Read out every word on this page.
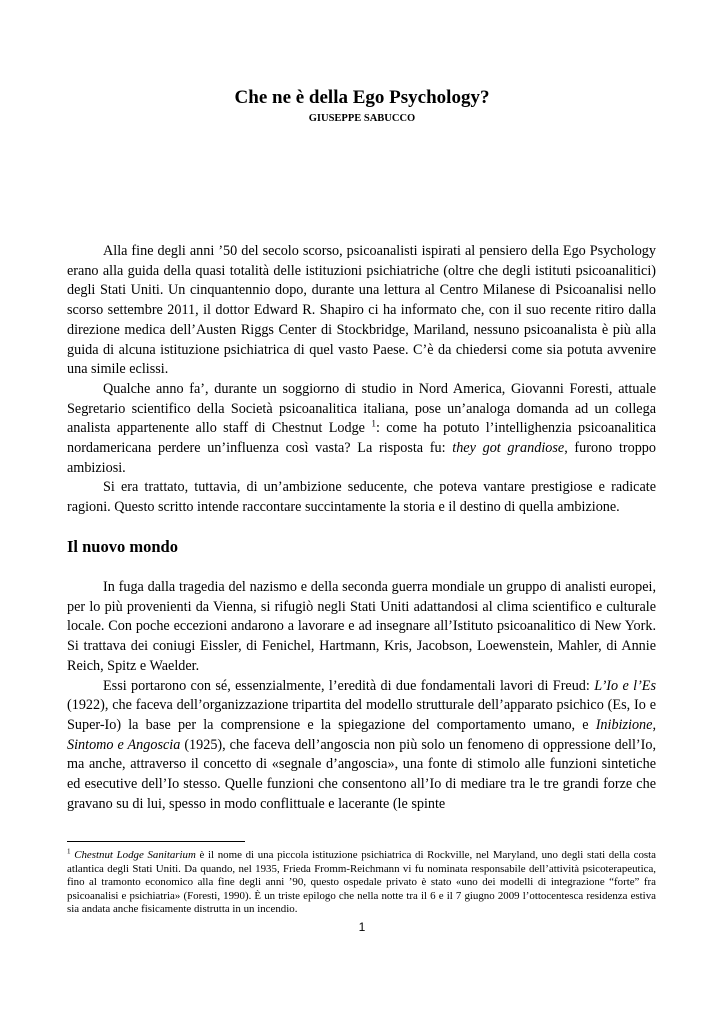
Che ne è della Ego Psychology?
GIUSEPPE SABUCCO

Alla fine degli anni ’50 del secolo scorso, psicoanalisti ispirati al pensiero della Ego Psychology erano alla guida della quasi totalità delle istituzioni psichiatriche (oltre che degli istituti psicoanalitici) degli Stati Uniti. Un cinquantennio dopo, durante una lettura al Centro Milanese di Psicoanalisi nello scorso settembre 2011, il dottor Edward R. Shapiro ci ha informato che, con il suo recente ritiro dalla direzione medica dell’Austen Riggs Center di Stockbridge, Mariland, nessuno psicoanalista è più alla guida di alcuna istituzione psichiatrica di quel vasto Paese. C’è da chiedersi come sia potuta avvenire una simile eclissi.

Qualche anno fa’, durante un soggiorno di studio in Nord America, Giovanni Foresti, attuale Segretario scientifico della Società psicoanalitica italiana, pose un’analoga domanda ad un collega analista appartenente allo staff di Chestnut Lodge $^1$: come ha potuto l’intellighenzia psicoanalitica nordamericana perdere un’influenza così vasta? La risposta fu: they got grandiose, furono troppo ambiziosi.

Si era trattato, tuttavia, di un’ambizione seducente, che poteva vantare prestigiose e radicate ragioni. Questo scritto intende raccontare succintamente la storia e il destino di quella ambizione.

Il nuovo mondo

In fuga dalla tragedia del nazismo e della seconda guerra mondiale un gruppo di analisti europei, per lo più provenienti da Vienna, si rifugiò negli Stati Uniti adattandosi al clima scientifico e culturale locale. Con poche eccezioni andarono a lavorare e ad insegnare all’Istituto psicoanalitico di New York. Si trattava dei coniugi Eissler, di Fenichel, Hartmann, Kris, Jacobson, Loewenstein, Mahler, di Annie Reich, Spitz e Waelder.

Essi portarono con sé, essenzialmente, l’eredità di due fondamentali lavori di Freud: L’Io e l’Es (1922), che faceva dell’organizzazione tripartita del modello strutturale dell’apparato psichico (Es, Io e Super-Io) la base per la comprensione e la spiegazione del comportamento umano, e Inibizione, Sintomo e Angoscia (1925), che faceva dell’angoscia non più solo un fenomeno di oppressione dell’Io, ma anche, attraverso il concetto di «segnale d’angoscia», una fonte di stimolo alle funzioni sintetiche ed esecutive dell’Io stesso. Quelle funzioni che consentono all’Io di mediare tra le tre grandi forze che gravano su di lui, spesso in modo conflittuale e lacerante (le spinte

$^1$ Chestnut Lodge Sanitarium è il nome di una piccola istituzione psichiatrica di Rockville, nel Maryland, uno degli stati della costa atlantica degli Stati Uniti. Da quando, nel 1935, Frieda Fromm-Reichmann vi fu nominata responsabile dell’attività psicoterapeutica, fino al tramonto economico alla fine degli anni ’90, questo ospedale privato è stato «uno dei modelli di integrazione “forte” fra psicoanalisi e psichiatria» (Foresti, 1990). È un triste epilogo che nella notte tra il 6 e il 7 giugno 2009 l’ottocentesca residenza estiva sia andata anche fisicamente distrutta in un incendio.
1
